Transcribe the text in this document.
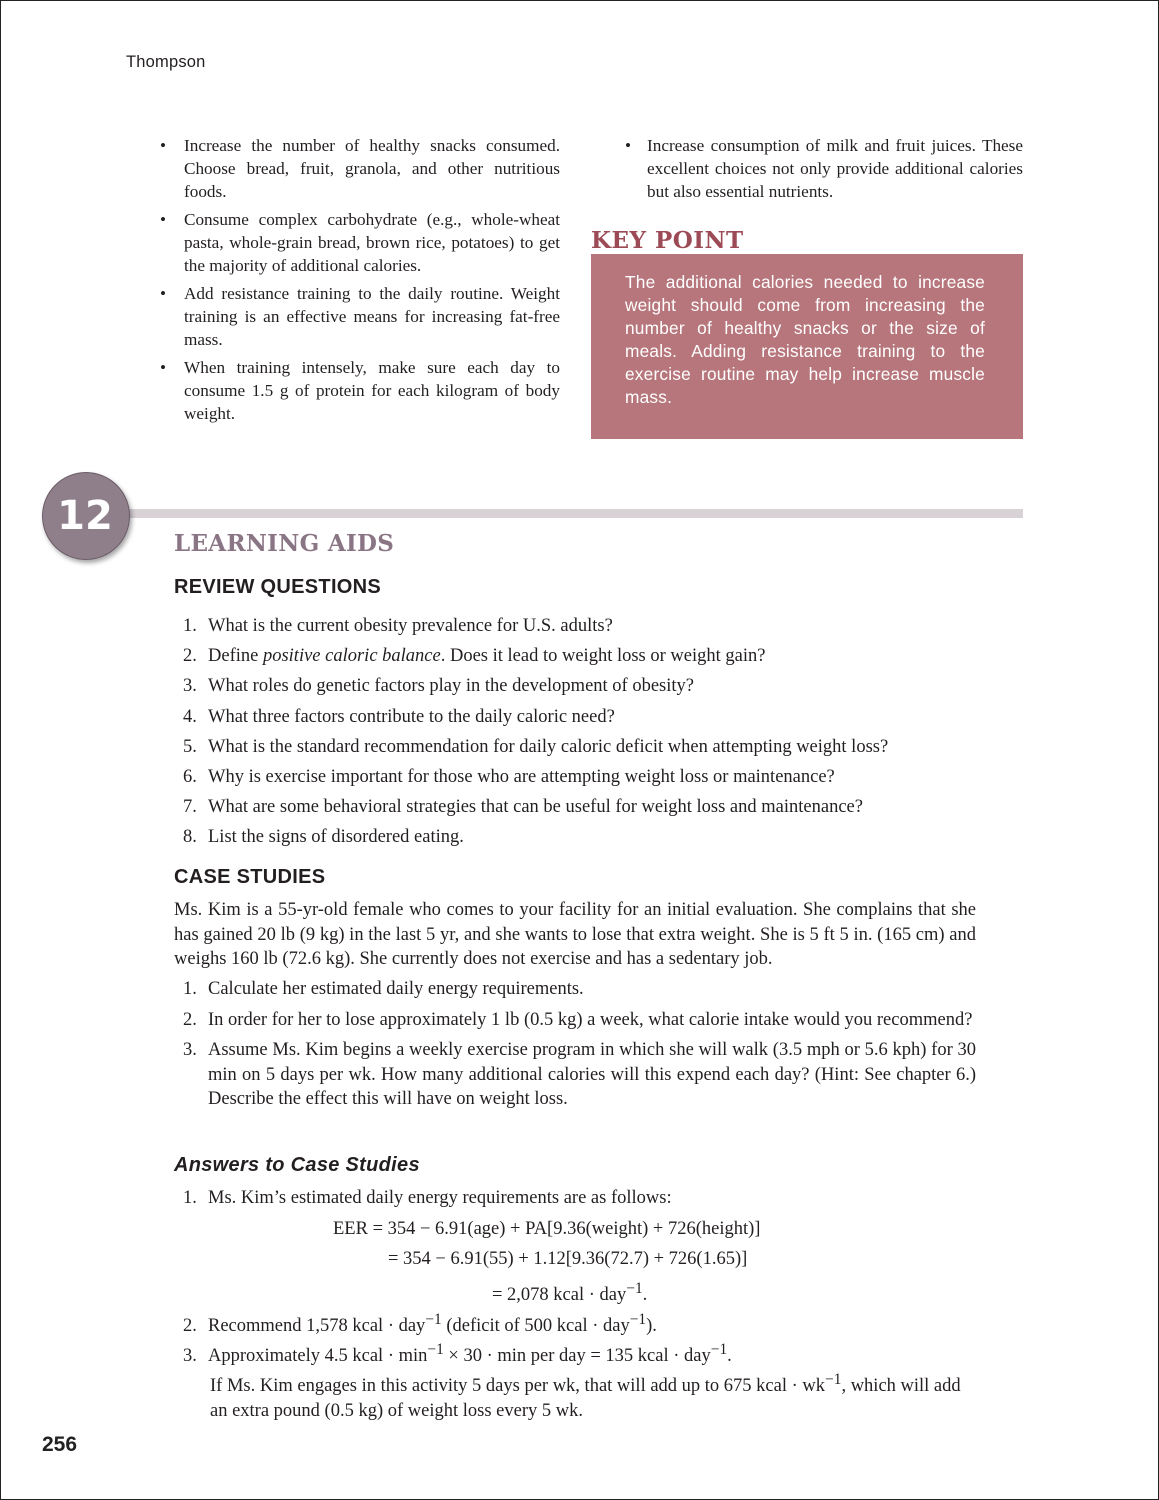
Thompson
• Increase the number of healthy snacks consumed. Choose bread, fruit, granola, and other nutritious foods.
• Consume complex carbohydrate (e.g., whole-wheat pasta, whole-grain bread, brown rice, potatoes) to get the majority of additional calories.
• Add resistance training to the daily routine. Weight training is an effective means for increasing fat-free mass.
• When training intensely, make sure each day to consume 1.5 g of protein for each kilogram of body weight.
• Increase consumption of milk and fruit juices. These excellent choices not only provide additional calories but also essential nutrients.
KEY POINT

The additional calories needed to increase weight should come from increasing the number of healthy snacks or the size of meals. Adding resistance training to the exercise routine may help increase muscle mass.

12
LEARNING AIDS
REVIEW QUESTIONS
1. What is the current obesity prevalence for U.S. adults?
2. Define positive caloric balance. Does it lead to weight loss or weight gain?
3. What roles do genetic factors play in the development of obesity?
4. What three factors contribute to the daily caloric need?
5. What is the standard recommendation for daily caloric deficit when attempting weight loss?
6. Why is exercise important for those who are attempting weight loss or maintenance?
7. What are some behavioral strategies that can be useful for weight loss and maintenance?
8. List the signs of disordered eating.
CASE STUDIES

Ms. Kim is a 55-yr-old female who comes to your facility for an initial evaluation. She complains that she has gained 20 lb (9 kg) in the last 5 yr, and she wants to lose that extra weight. She is 5 ft 5 in. (165 cm) and weighs 160 lb (72.6 kg). She currently does not exercise and has a sedentary job.

1. Calculate her estimated daily energy requirements.
2. In order for her to lose approximately 1 lb (0.5 kg) a week, what calorie intake would you recommend?
3. Assume Ms. Kim begins a weekly exercise program in which she will walk (3.5 mph or 5.6 kph) for 30 min on 5 days per wk. How many additional calories will this expend each day? (Hint: See chapter 6.) Describe the effect this will have on weight loss.
Answers to Case Studies
1. Ms. Kim’s estimated daily energy requirements are as follows:
EER = 354 − 6.91(age) + PA[9.36(weight) + 726(height)]
= 354 − 6.91(55) + 1.12[9.36(72.7) + 726(1.65)]
= 2,078 kcal · day$^{-1}$.
2. Recommend 1,578 kcal · day$^{-1}$ (deficit of 500 kcal · day$^{-1}$).
3. Approximately 4.5 kcal · $\min^{-1} \times 30 \cdot \min$ per day = 135 kcal · day$^{-1}$.

If Ms. Kim engages in this activity 5 days per wk, that will add up to 675 kcal · $wk^{-1}$, which will add an extra pound (0.5 kg) of weight loss every 5 wk.

256
